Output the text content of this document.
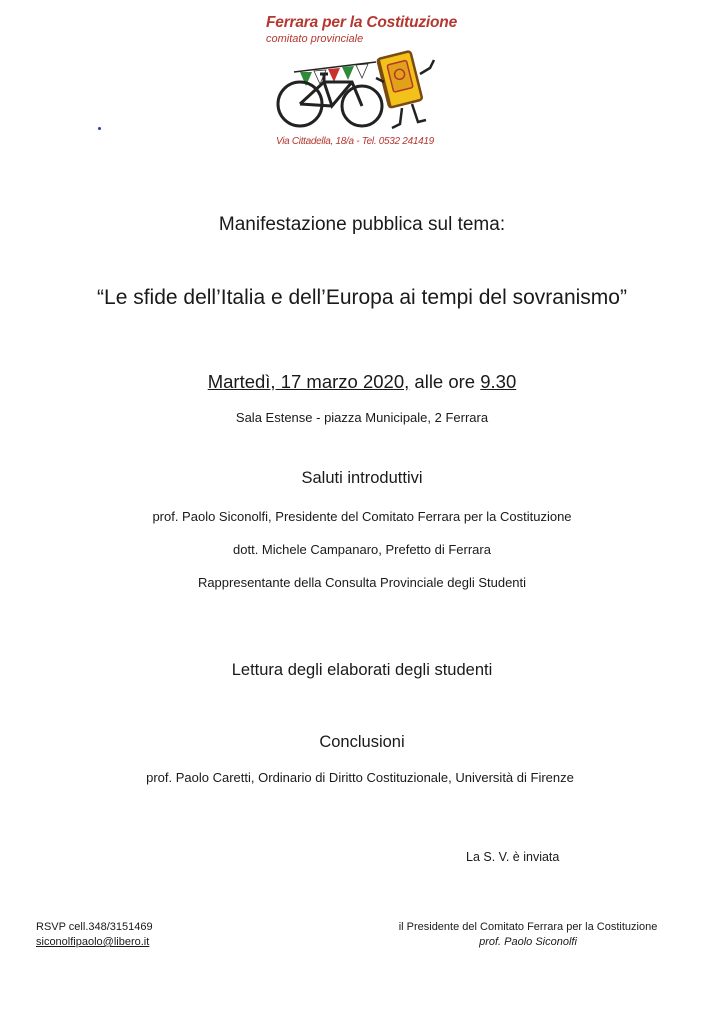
Ferrara per la Costituzione
comitato provinciale
Via Cittadella, 18/a - Tel. 0532 241419
Manifestazione pubblica sul tema:
“Le sfide dell’Italia e dell’Europa ai tempi del sovranismo”
Martedì, 17 marzo 2020, alle ore 9.30
Sala Estense - piazza Municipale, 2 Ferrara
Saluti introduttivi
prof. Paolo Siconolfi, Presidente del Comitato Ferrara per la Costituzione
dott. Michele Campanaro, Prefetto di Ferrara
Rappresentante della Consulta Provinciale degli Studenti
Lettura degli elaborati degli studenti
Conclusioni
prof. Paolo Caretti, Ordinario di Diritto Costituzionale, Università di Firenze
La S. V. è inviata
RSVP cell.348/3151469
siconolfipaolo@libero.it
il Presidente del Comitato Ferrara per la Costituzione
prof. Paolo Siconolfi
